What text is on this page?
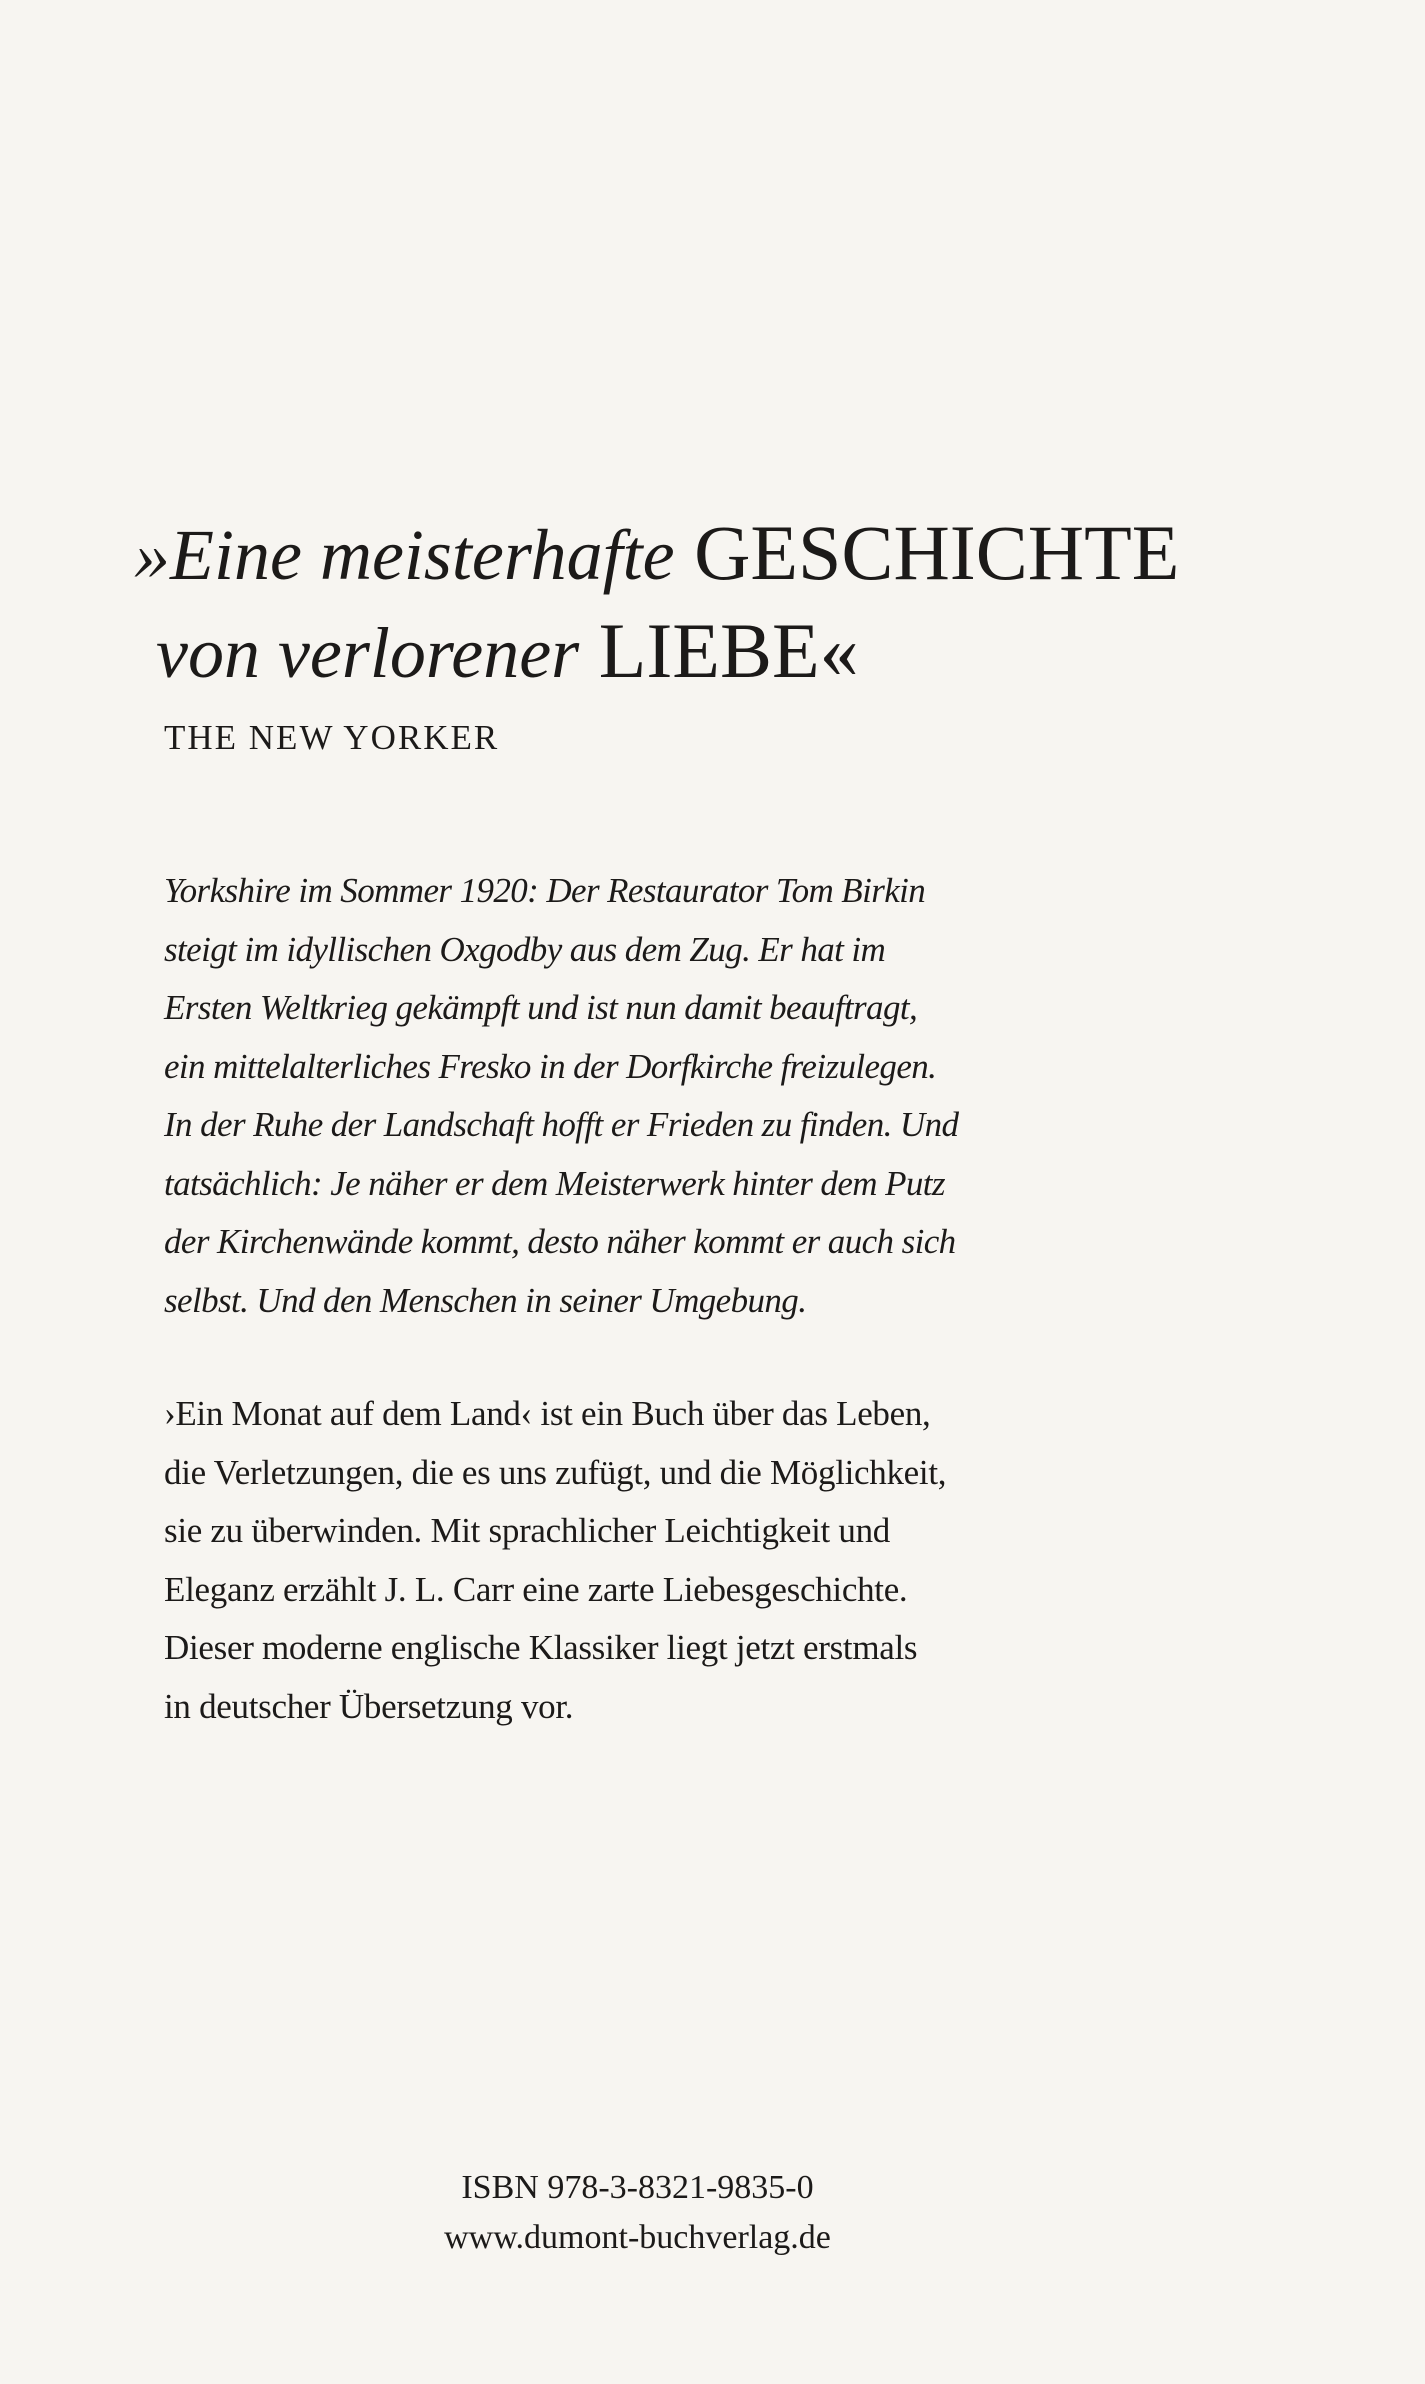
»Eine meisterhafte GESCHICHTE
von verlorener LIEBE«
THE NEW YORKER
Yorkshire im Sommer 1920: Der Restaurator Tom Birkin
steigt im idyllischen Oxgodby aus dem Zug. Er hat im
Ersten Weltkrieg gekämpft und ist nun damit beauftragt,
ein mittelalterliches Fresko in der Dorfkirche freizulegen.
In der Ruhe der Landschaft hofft er Frieden zu finden. Und
tatsächlich: Je näher er dem Meisterwerk hinter dem Putz
der Kirchenwände kommt, desto näher kommt er auch sich
selbst. Und den Menschen in seiner Umgebung.
›Ein Monat auf dem Land‹ ist ein Buch über das Leben,
die Verletzungen, die es uns zufügt, und die Möglichkeit,
sie zu überwinden. Mit sprachlicher Leichtigkeit und
Eleganz erzählt J. L. Carr eine zarte Liebesgeschichte.
Dieser moderne englische Klassiker liegt jetzt erstmals
in deutscher Übersetzung vor.
ISBN 978-3-8321-9835-0
www.dumont-buchverlag.de
